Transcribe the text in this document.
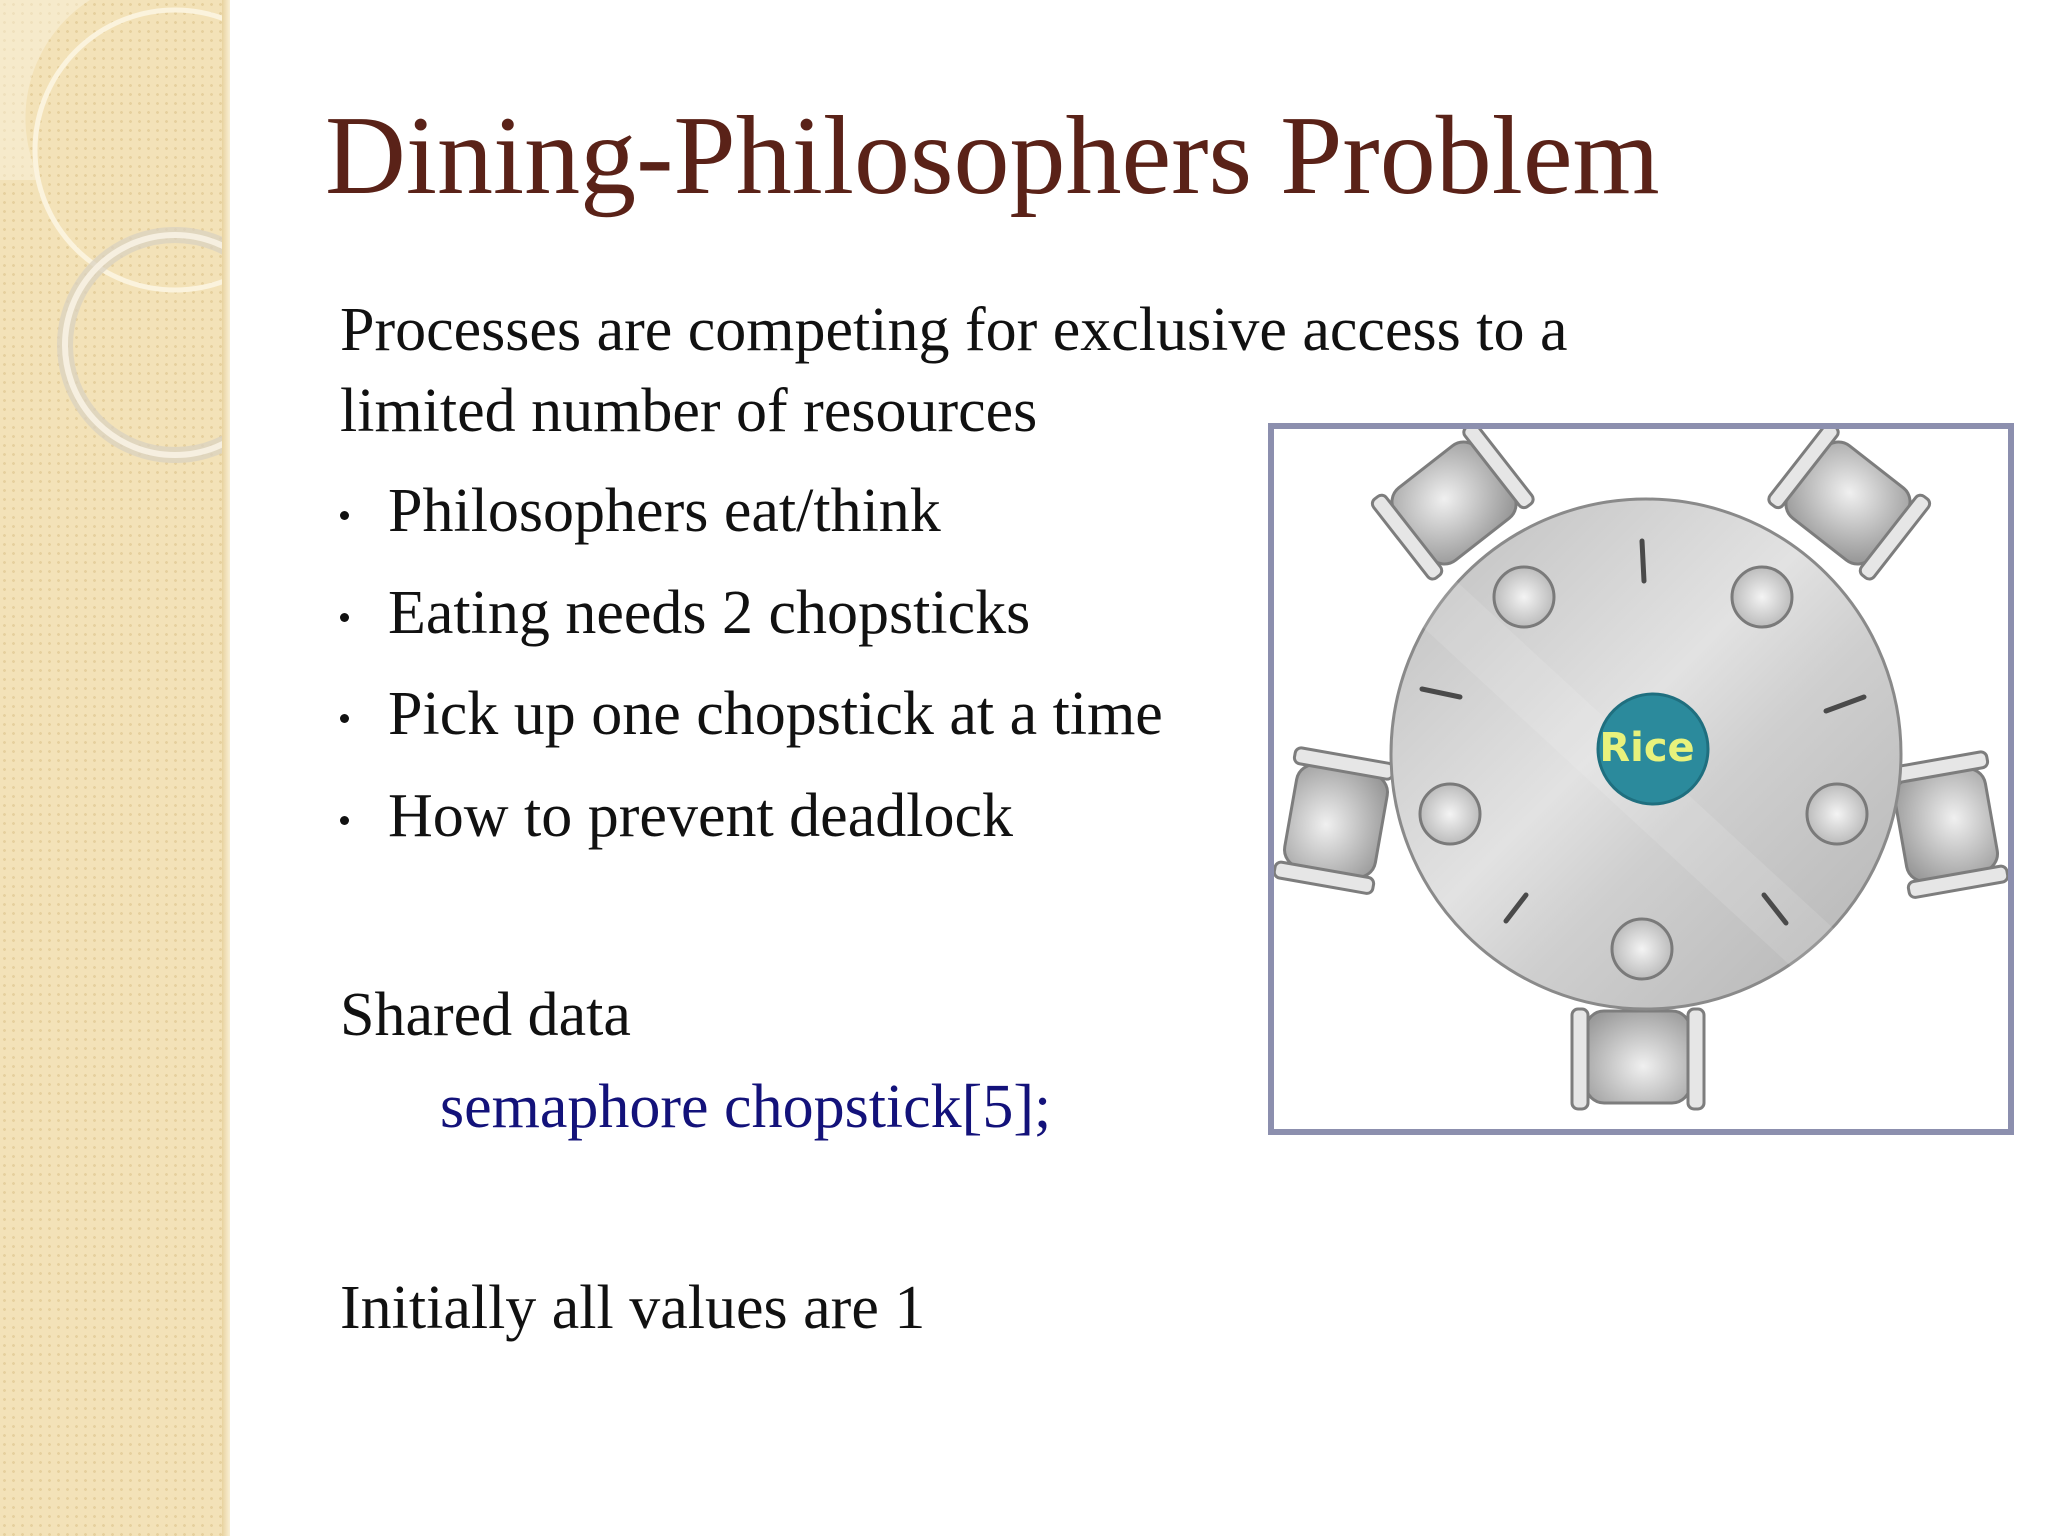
Dining-Philosophers Problem

Processes are competing for exclusive access to a limited number of resources

Philosophers eat/think
Eating needs 2 chopsticks
Pick up one chopstick at a time
How to prevent deadlock

Shared data

semaphore chopstick[5];

Initially all values are 1

Rice
